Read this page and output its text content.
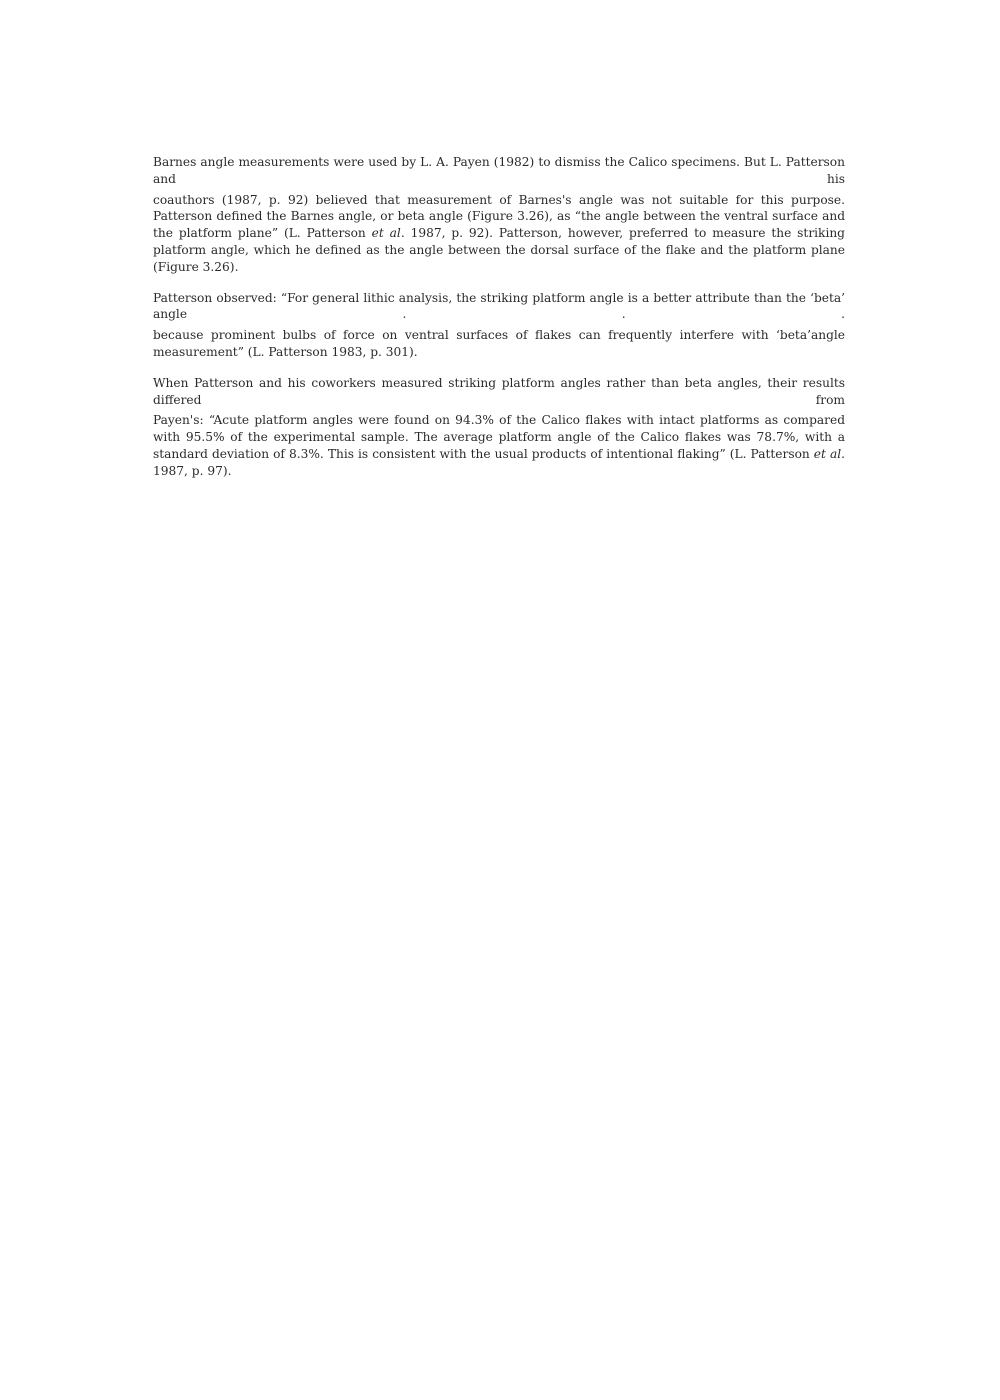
Barnes angle measurements were used by L. A. Payen (1982) to dismiss the Calico specimens. But L. Patterson and his
coauthors (1987, p. 92) believed that measurement of Barnes's angle was not suitable for this purpose. Patterson defined the Barnes angle, or beta angle (Figure 3.26), as “the angle between the ventral surface and the platform plane” (L. Patterson et al. 1987, p. 92). Patterson, however, preferred to measure the striking platform angle, which he defined as the angle between the dorsal surface of the flake and the platform plane (Figure 3.26).

Patterson observed: “For general lithic analysis, the striking platform angle is a better attribute than the ‘beta’ angle . . .
because prominent bulbs of force on ventral surfaces of flakes can frequently interfere with ‘beta’angle measurement” (L. Patterson 1983, p. 301).

When Patterson and his coworkers measured striking platform angles rather than beta angles, their results differed from
Payen's: “Acute platform angles were found on 94.3% of the Calico flakes with intact platforms as compared with 95.5% of the experimental sample. The average platform angle of the Calico flakes was 78.7%, with a standard deviation of 8.3%. This is consistent with the usual products of intentional flaking” (L. Patterson et al. 1987, p. 97).
